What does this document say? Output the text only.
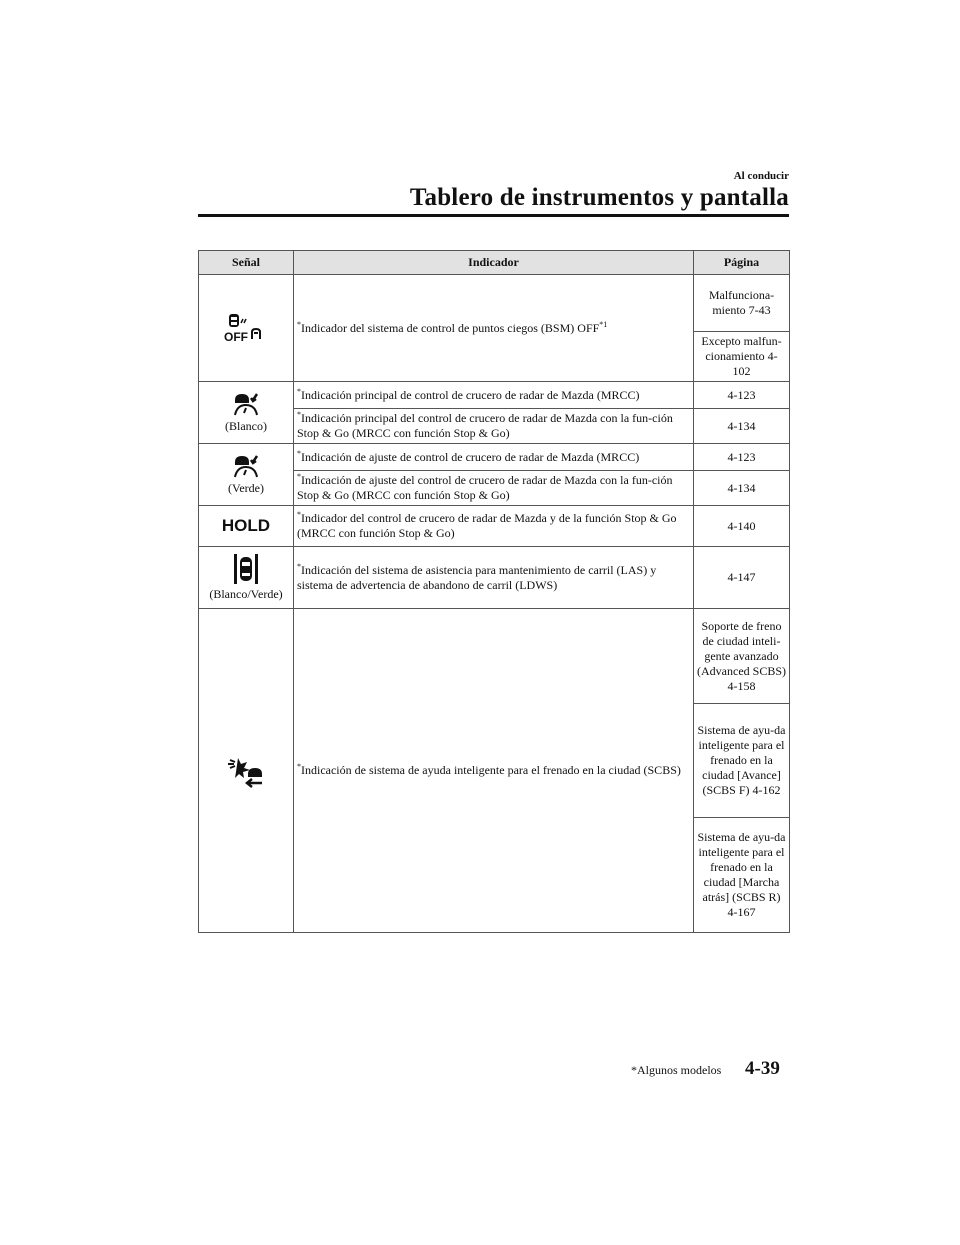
Al conducir
Tablero de instrumentos y pantalla
Señal	Indicador	Página

OFF	*Indicador del sistema de control de puntos ciegos (BSM) OFF$^{*1}$	Malfunciona-miento 7-43
		Excepto malfun-cionamiento 4-102

(Blanco)	*Indicación principal de control de crucero de radar de Mazda (MRCC)	4-123
	*Indicación principal del control de crucero de radar de Mazda con la fun-ción Stop & Go (MRCC con función Stop & Go)	4-134

(Verde)	*Indicación de ajuste de control de crucero de radar de Mazda (MRCC)	4-123
	*Indicación de ajuste del control de crucero de radar de Mazda con la fun-ción Stop & Go (MRCC con función Stop & Go)	4-134
HOLD	*Indicador del control de crucero de radar de Mazda y de la función Stop & Go (MRCC con función Stop & Go)	4-140

(Blanco/Verde)	*Indicación del sistema de asistencia para mantenimiento de carril (LAS) y sistema de advertencia de abandono de carril (LDWS)	4-147

	*Indicación de sistema de ayuda inteligente para el frenado en la ciudad (SCBS)	Soporte de freno de ciudad inteli-gente avanzado (Advanced SCBS) 4-158
		Sistema de ayu-da inteligente para el frenado en la ciudad [Avance] (SCBS F) 4-162
		Sistema de ayu-da inteligente para el frenado en la ciudad [Marcha atrás] (SCBS R) 4-167
*Algunos modelos 4-39
